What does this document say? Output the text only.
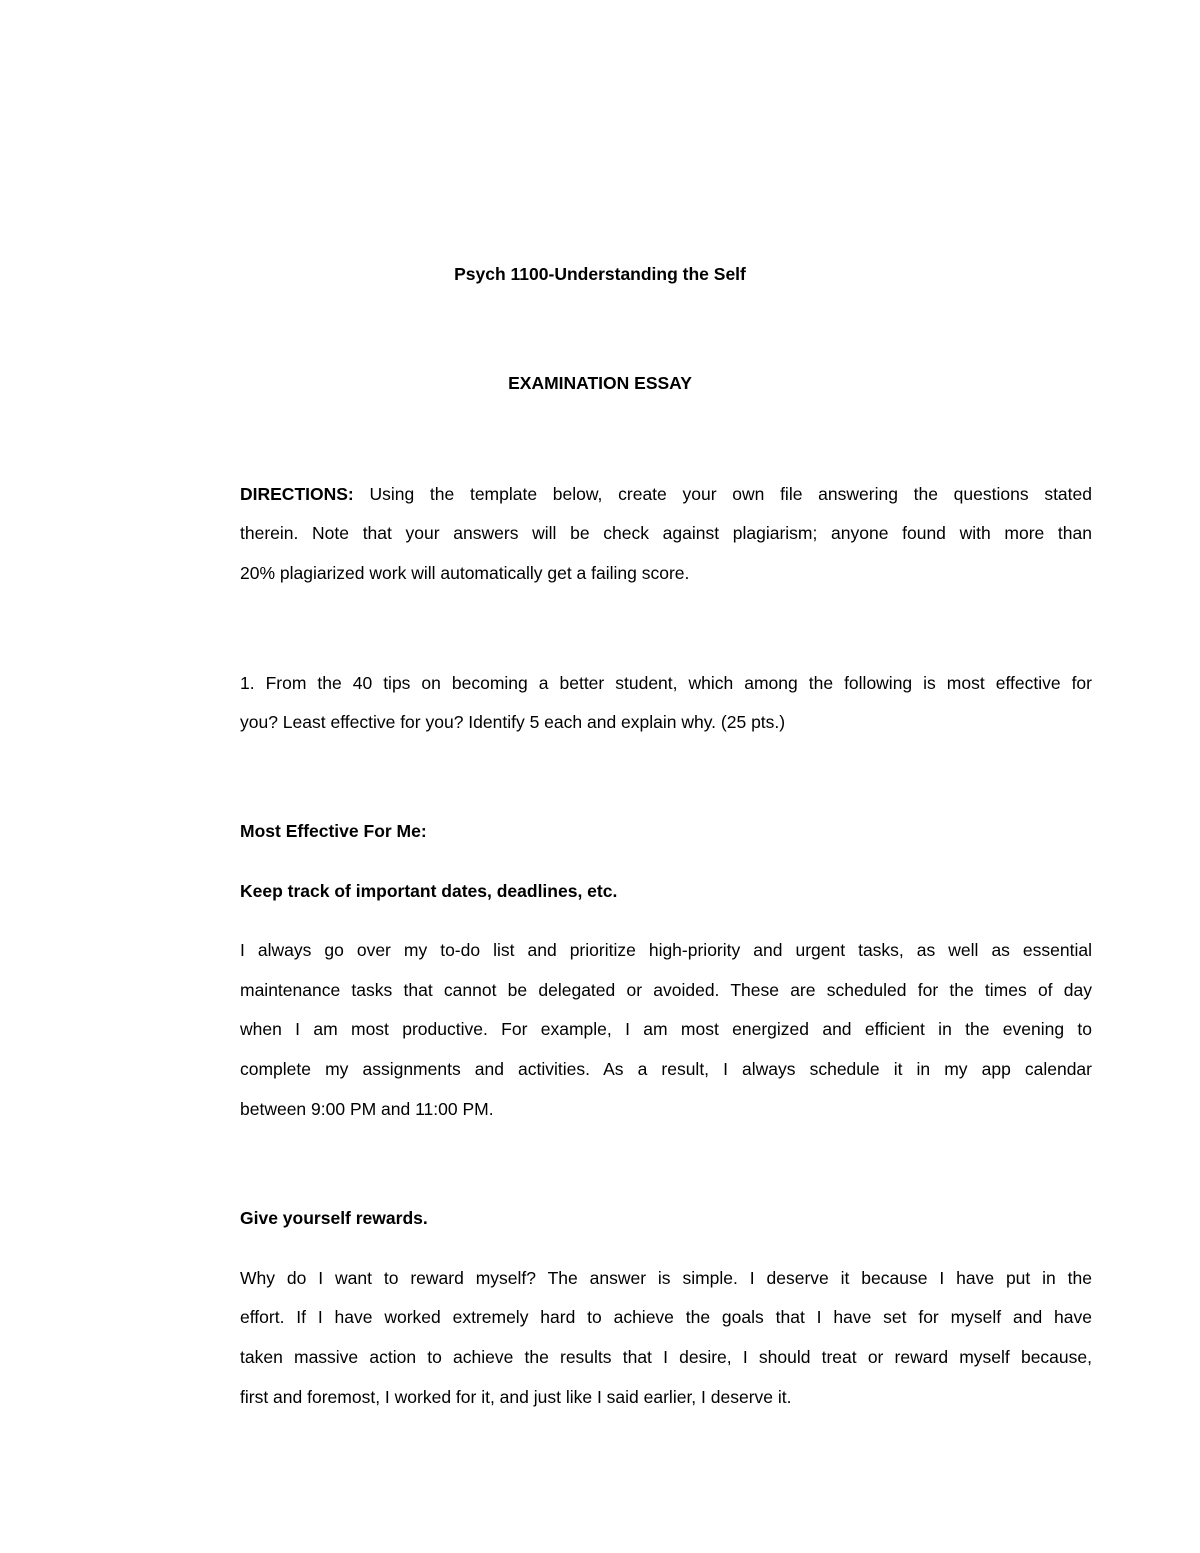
Psych 1100-Understanding the Self
EXAMINATION ESSAY
DIRECTIONS: Using the template below, create your own file answering the questions stated
therein. Note that your answers will be check against plagiarism; anyone found with more than
20% plagiarized work will automatically get a failing score.
1. From the 40 tips on becoming a better student, which among the following is most effective for
you? Least effective for you? Identify 5 each and explain why. (25 pts.)
Most Effective For Me:
Keep track of important dates, deadlines, etc.
I always go over my to-do list and prioritize high-priority and urgent tasks, as well as essential
maintenance tasks that cannot be delegated or avoided. These are scheduled for the times of day
when I am most productive. For example, I am most energized and efficient in the evening to
complete my assignments and activities. As a result, I always schedule it in my app calendar
between 9:00 PM and 11:00 PM.
Give yourself rewards.
Why do I want to reward myself? The answer is simple. I deserve it because I have put in the
effort. If I have worked extremely hard to achieve the goals that I have set for myself and have
taken massive action to achieve the results that I desire, I should treat or reward myself because,
first and foremost, I worked for it, and just like I said earlier, I deserve it.
